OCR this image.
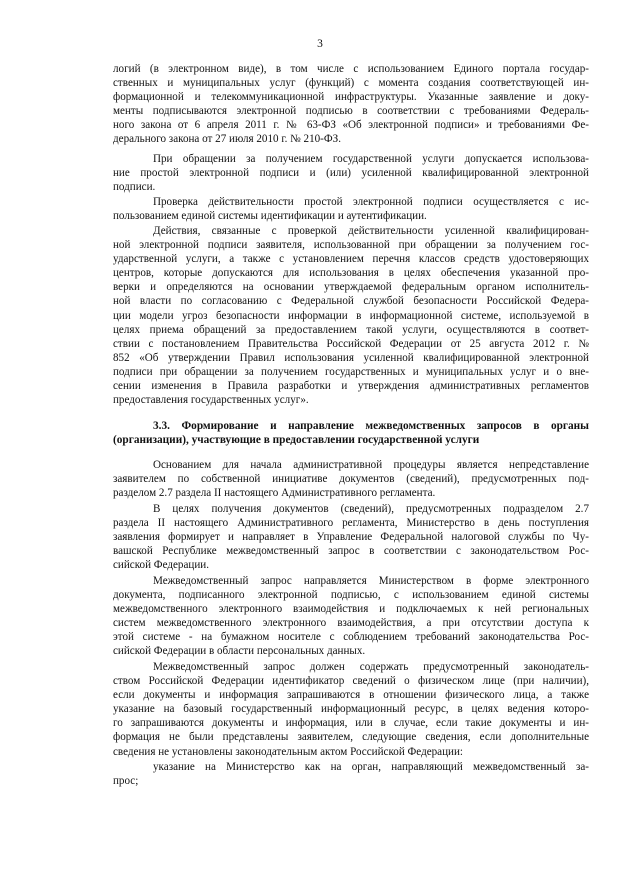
3
логий (в электронном виде), в том числе с использованием Единого портала государ-
ственных и муниципальных услуг (функций) с момента создания соответствующей ин-
формационной и телекоммуникационной инфраструктуры. Указанные заявление и доку-
менты подписываются электронной подписью в соответствии с требованиями Федераль-
ного закона от 6 апреля 2011 г. № 63-ФЗ «Об электронной подписи» и требованиями Фе-
дерального закона от 27 июля 2010 г. № 210-ФЗ.
При обращении за получением государственной услуги допускается использова-
ние простой электронной подписи и (или) усиленной квалифицированной электронной
подписи.
Проверка действительности простой электронной подписи осуществляется с ис-
пользованием единой системы идентификации и аутентификации.
Действия, связанные с проверкой действительности усиленной квалифицирован-
ной электронной подписи заявителя, использованной при обращении за получением гос-
ударственной услуги, а также с установлением перечня классов средств удостоверяющих
центров, которые допускаются для использования в целях обеспечения указанной про-
верки и определяются на основании утверждаемой федеральным органом исполнитель-
ной власти по согласованию с Федеральной службой безопасности Российской Федера-
ции модели угроз безопасности информации в информационной системе, используемой в
целях приема обращений за предоставлением такой услуги, осуществляются в соответ-
ствии с постановлением Правительства Российской Федерации от 25 августа 2012 г. №
852 «Об утверждении Правил использования усиленной квалифицированной электронной
подписи при обращении за получением государственных и муниципальных услуг и о вне-
сении изменения в Правила разработки и утверждения административных регламентов
предоставления государственных услуг».
3.3. Формирование и направление межведомственных запросов в органы
(организации), участвующие в предоставлении государственной услуги
Основанием для начала административной процедуры является непредставление
заявителем по собственной инициативе документов (сведений), предусмотренных под-
разделом 2.7 раздела II настоящего Административного регламента.
В целях получения документов (сведений), предусмотренных подразделом 2.7
раздела II настоящего Административного регламента, Министерство в день поступления
заявления формирует и направляет в Управление Федеральной налоговой службы по Чу-
вашской Республике межведомственный запрос в соответствии с законодательством Рос-
сийской Федерации.
Межведомственный запрос направляется Министерством в форме электронного
документа, подписанного электронной подписью, с использованием единой системы
межведомственного электронного взаимодействия и подключаемых к ней региональных
систем межведомственного электронного взаимодействия, а при отсутствии доступа к
этой системе - на бумажном носителе с соблюдением требований законодательства Рос-
сийской Федерации в области персональных данных.
Межведомственный запрос должен содержать предусмотренный законодатель-
ством Российской Федерации идентификатор сведений о физическом лице (при наличии),
если документы и информация запрашиваются в отношении физического лица, а также
указание на базовый государственный информационный ресурс, в целях ведения которо-
го запрашиваются документы и информация, или в случае, если такие документы и ин-
формация не были представлены заявителем, следующие сведения, если дополнительные
сведения не установлены законодательным актом Российской Федерации:
указание на Министерство как на орган, направляющий межведомственный за-
прос;
